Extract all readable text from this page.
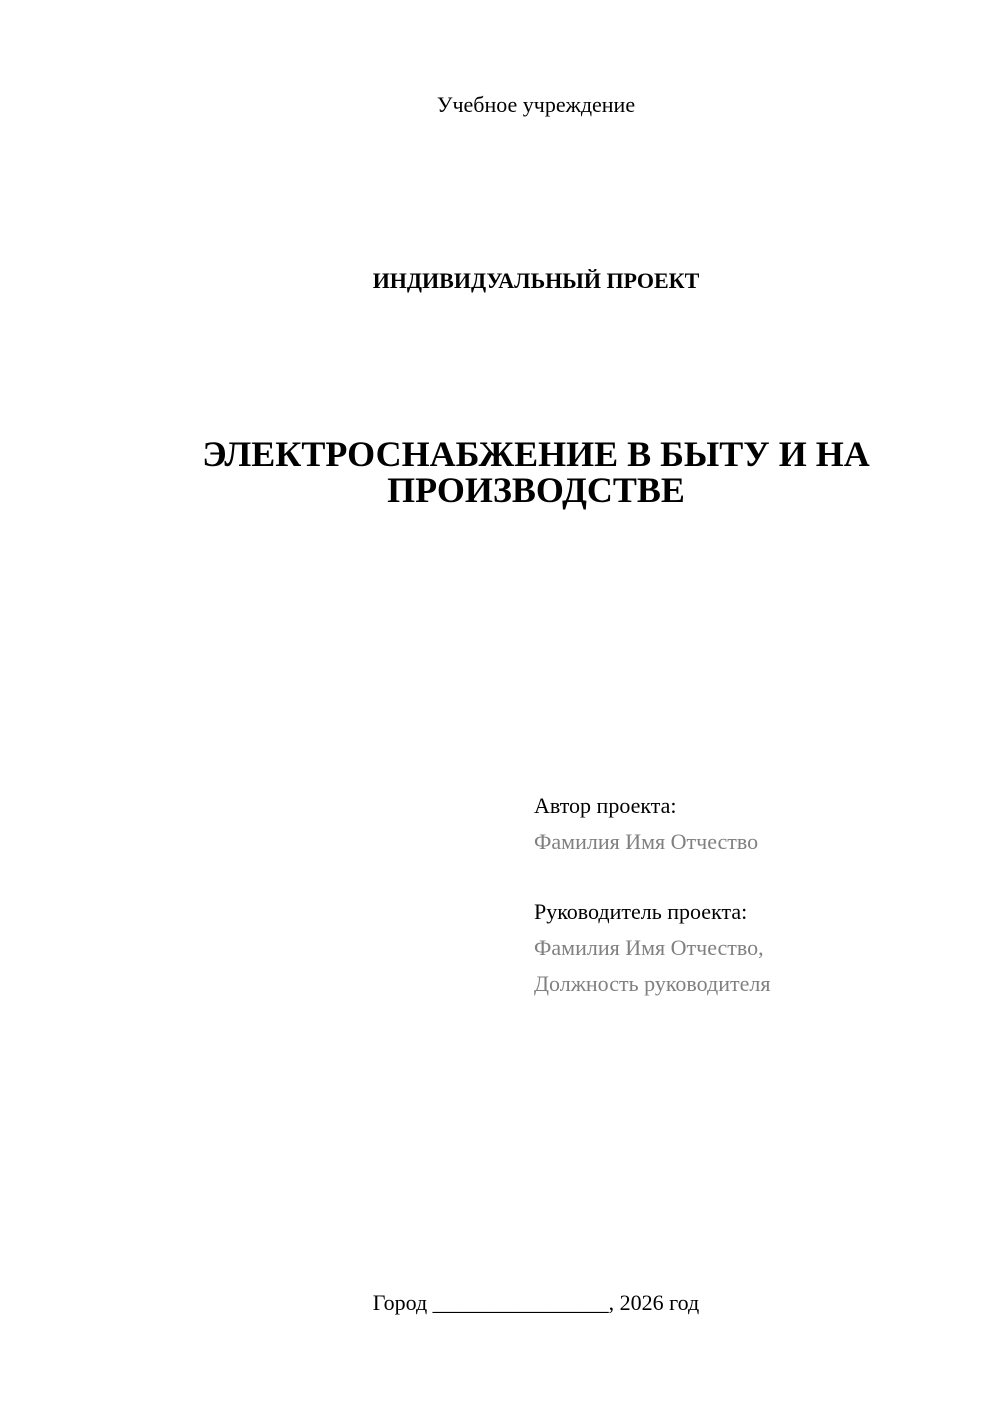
Учебное учреждение
ИНДИВИДУАЛЬНЫЙ ПРОЕКТ
ЭЛЕКТРОСНАБЖЕНИЕ В БЫТУ И НА
ПРОИЗВОДСТВЕ
Автор проекта:
Фамилия Имя Отчество
Руководитель проекта:
Фамилия Имя Отчество,
Должность руководителя
Город ________________, 2026 год
